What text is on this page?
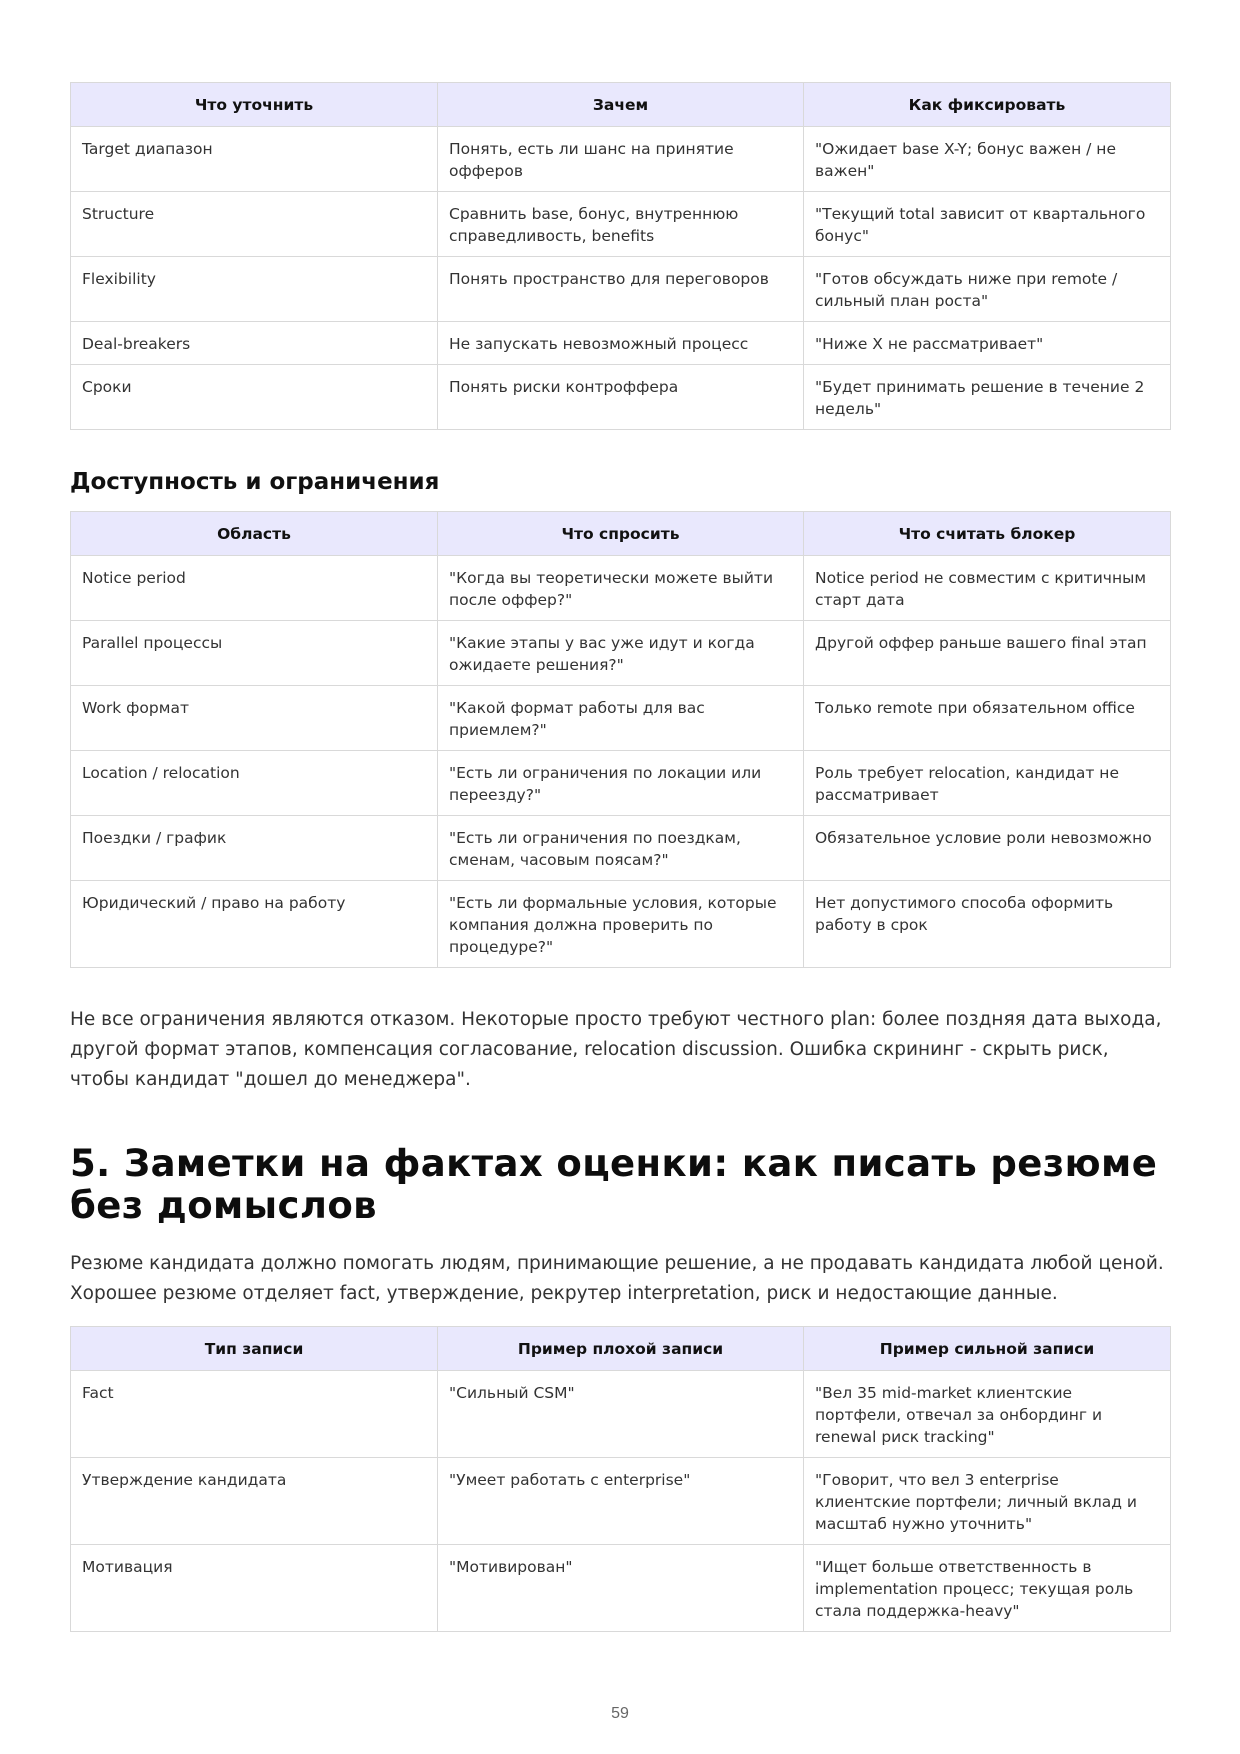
Что уточнить	Зачем	Как фиксировать
Target диапазон	Понять, есть ли шанс на принятие офферов	"Ожидает base X-Y; бонус важен / не важен"
Structure	Сравнить base, бонус, внутреннюю справедливость, benefits	"Текущий total зависит от квартального бонус"
Flexibility	Понять пространство для переговоров	"Готов обсуждать ниже при remote / сильный план роста"
Deal-breakers	Не запускать невозможный процесс	"Ниже X не рассматривает"
Сроки	Понять риски контроффера	"Будет принимать решение в течение 2 недель"
Доступность и ограничения
Область	Что спросить	Что считать блокер
Notice period	"Когда вы теоретически можете выйти после оффер?"	Notice period не совместим с критичным старт дата
Parallel процессы	"Какие этапы у вас уже идут и когда ожидаете решения?"	Другой оффер раньше вашего final этап
Work формат	"Какой формат работы для вас приемлем?"	Только remote при обязательном office
Location / relocation	"Есть ли ограничения по локации или переезду?"	Роль требует relocation, кандидат не рассматривает
Поездки / график	"Есть ли ограничения по поездкам, сменам, часовым поясам?"	Обязательное условие роли невозможно
Юридический / право на работу	"Есть ли формальные условия, которые компания должна проверить по процедуре?"	Нет допустимого способа оформить работу в срок

Не все ограничения являются отказом. Некоторые просто требуют честного plan: более поздняя дата выхода, другой формат этапов, компенсация согласование, relocation discussion. Ошибка скрининг - скрыть риск, чтобы кандидат "дошел до менеджера".

5. Заметки на фактах оценки: как писать резюме без домыслов

Резюме кандидата должно помогать людям, принимающие решение, а не продавать кандидата любой ценой. Хорошее резюме отделяет fact, утверждение, рекрутер interpretation, риск и недостающие данные.

Тип записи	Пример плохой записи	Пример сильной записи
Fact	"Сильный CSM"	"Вел 35 mid-market клиентские портфели, отвечал за онбординг и renewal риск tracking"
Утверждение кандидата	"Умеет работать с enterprise"	"Говорит, что вел 3 enterprise клиентские портфели; личный вклад и масштаб нужно уточнить"
Мотивация	"Мотивирован"	"Ищет больше ответственность в implementation процесс; текущая роль стала поддержка-heavy"
59
